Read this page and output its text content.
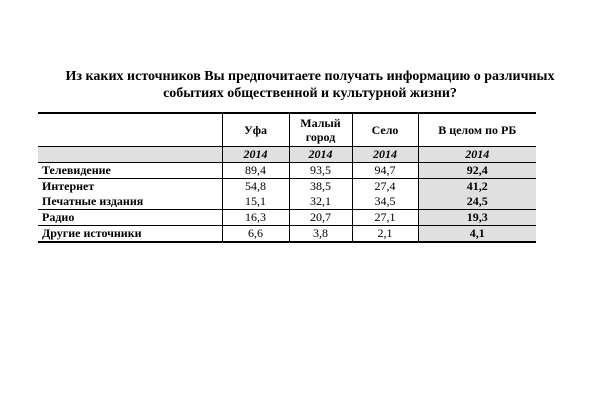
Из каких источников Вы предпочитаете получать информацию о различных
событиях общественной и культурной жизни?
	Уфа	Малый город	Село	В целом по РБ
	2014	2014	2014	2014
Телевидение	89,4	93,5	94,7	92,4
Интернет	54,8	38,5	27,4	41,2
Печатные издания	15,1	32,1	34,5	24,5
Радио	16,3	20,7	27,1	19,3
Другие источники	6,6	3,8	2,1	4,1
